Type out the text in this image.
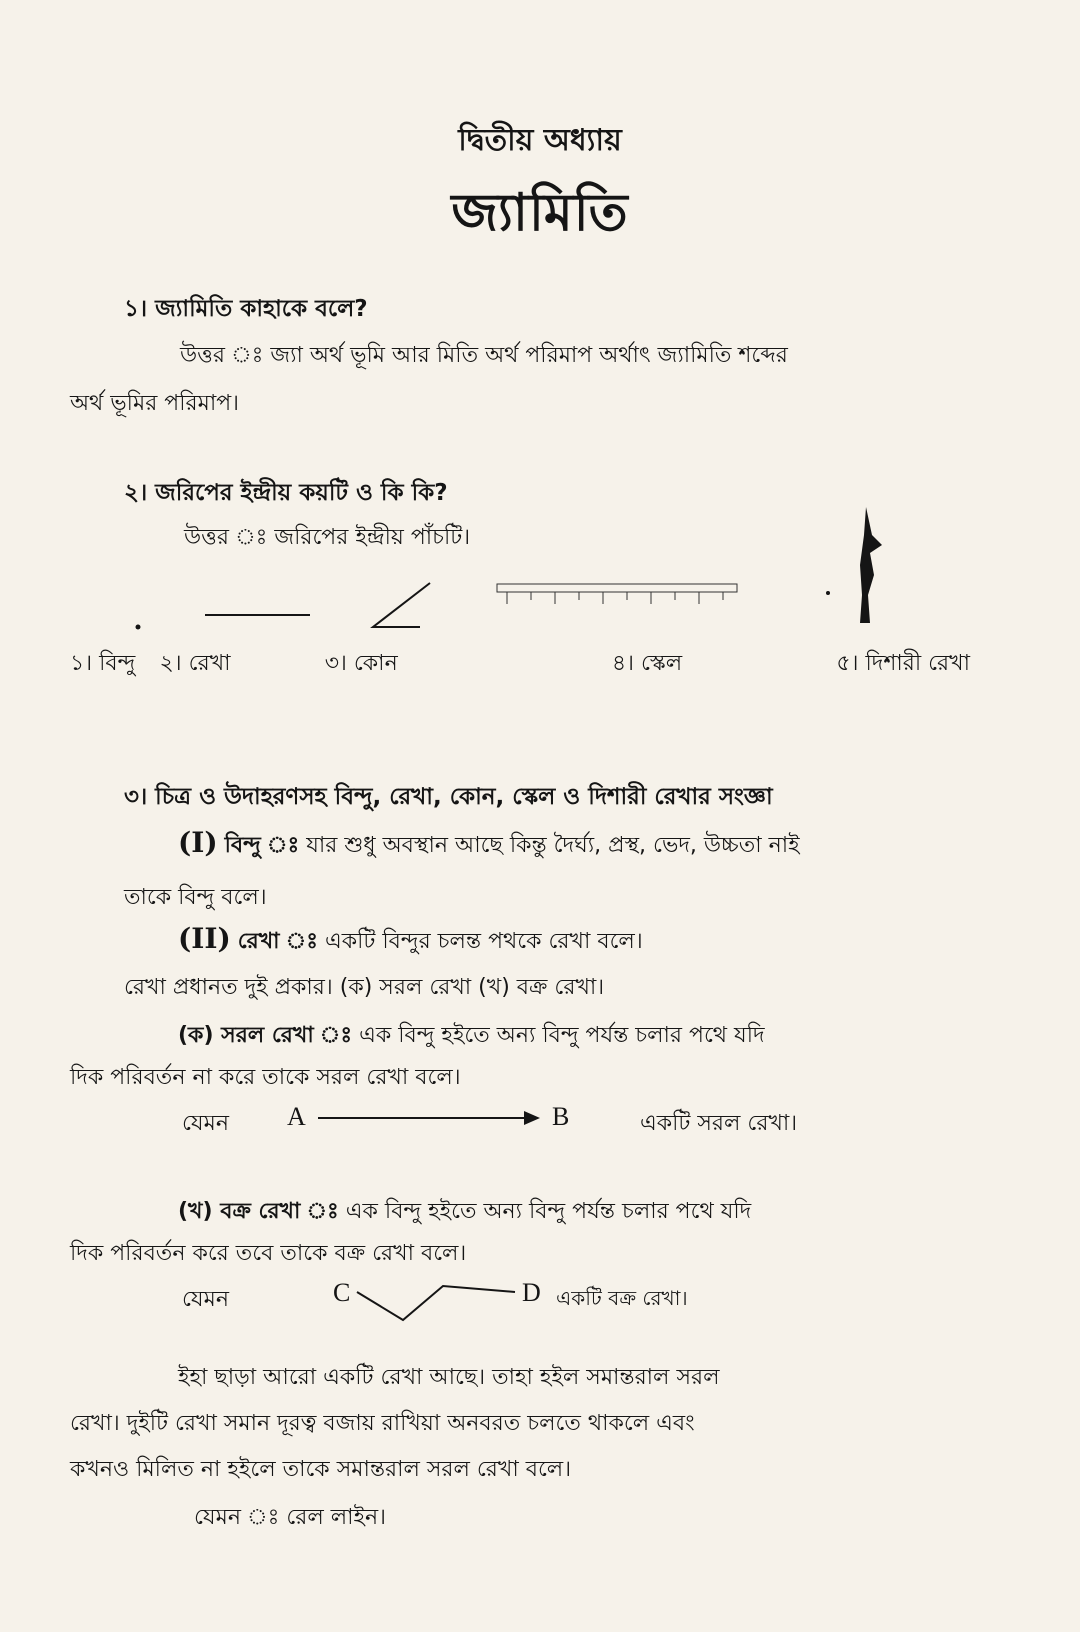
দ্বিতীয় অধ্যায়
জ্যামিতি
১। জ্যামিতি কাহাকে বলে?
উত্তর ঃ জ্যা অর্থ ভূমি আর মিতি অর্থ পরিমাপ অর্থাৎ জ্যামিতি শব্দের
অর্থ ভূমির পরিমাপ।
২। জরিপের ইন্দ্রীয় কয়টি ও কি কি?
উত্তর ঃ জরিপের ইন্দ্রীয় পাঁচটি।
১। বিন্দু ২। রেখা	৩। কোন	৪। স্কেল	৫। দিশারী রেখা
৩। চিত্র ও উদাহরণসহ বিন্দু, রেখা, কোন, স্কেল ও দিশারী রেখার সংজ্ঞা
(I) বিন্দু ঃ যার শুধু অবস্থান আছে কিন্তু দৈর্ঘ্য, প্রস্থ, ভেদ, উচ্চতা নাই
তাকে বিন্দু বলে।
(II) রেখা ঃ একটি বিন্দুর চলন্ত পথকে রেখা বলে।
রেখা প্রধানত দুই প্রকার। (ক) সরল রেখা (খ) বক্র রেখা।
(ক) সরল রেখা ঃ এক বিন্দু হইতে অন্য বিন্দু পর্যন্ত চলার পথে যদি
দিক পরিবর্তন না করে তাকে সরল রেখা বলে।
যেমন A	B	একটি সরল রেখা।
(খ) বক্র রেখা ঃ এক বিন্দু হইতে অন্য বিন্দু পর্যন্ত চলার পথে যদি
দিক পরিবর্তন করে তবে তাকে বক্র রেখা বলে।
যেমন	C	D একটি বক্র রেখা।
ইহা ছাড়া আরো একটি রেখা আছে। তাহা হইল সমান্তরাল সরল
রেখা। দুইটি রেখা সমান দূরত্ব বজায় রাখিয়া অনবরত চলতে থাকলে এবং
কখনও মিলিত না হইলে তাকে সমান্তরাল সরল রেখা বলে।
যেমন ঃ রেল লাইন।
